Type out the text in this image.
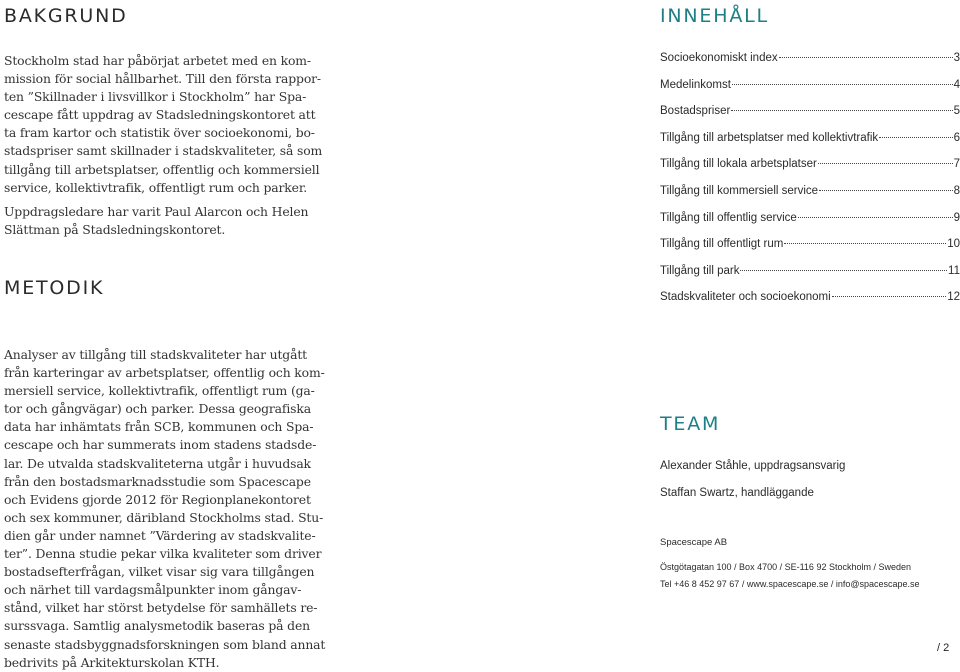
BAKGRUND
Stockholm stad har påbörjat arbetet med en kom-
mission för social hållbarhet. Till den första rappor-
ten ”Skillnader i livsvillkor i Stockholm” har Spa-
cescape fått uppdrag av Stadsledningskontoret att
ta fram kartor och statistik över socioekonomi, bo-
stadspriser samt skillnader i stadskvaliteter, så som
tillgång till arbetsplatser, offentlig och kommersiell
service, kollektivtrafik, offentligt rum och parker.
Uppdragsledare har varit Paul Alarcon och Helen
Slättman på Stadsledningskontoret.
METODIK
Analyser av tillgång till stadskvaliteter har utgått
från karteringar av arbetsplatser, offentlig och kom-
mersiell service, kollektivtrafik, offentligt rum (ga-
tor och gångvägar) och parker. Dessa geografiska
data har inhämtats från SCB, kommunen och Spa-
cescape och har summerats inom stadens stadsde-
lar. De utvalda stadskvaliteterna utgår i huvudsak
från den bostadsmarknadsstudie som Spacescape
och Evidens gjorde 2012 för Regionplanekontoret
och sex kommuner, däribland Stockholms stad. Stu-
dien går under namnet ”Värdering av stadskvalite-
ter”. Denna studie pekar vilka kvaliteter som driver
bostadsefterfrågan, vilket visar sig vara tillgången
och närhet till vardagsmålpunkter inom gångav-
stånd, vilket har störst betydelse för samhällets re-
surssvaga. Samtlig analysmetodik baseras på den
senaste stadsbyggnadsforskningen som bland annat
bedrivits på Arkitekturskolan KTH.
INNEHÅLL
Socioekonomiskt index	3
Medelinkomst	4
Bostadspriser	5
Tillgång till arbetsplatser med kollektivtrafik	6
Tillgång till lokala arbetsplatser	7
Tillgång till kommersiell service	8
Tillgång till offentlig service	9
Tillgång till offentligt rum	10
Tillgång till park	11
Stadskvaliteter och socioekonomi	12
TEAM

Alexander Ståhle, uppdragsansvarig

Staffan Swartz, handläggande

Spacescape AB

Östgötagatan 100 / Box 4700 / SE-116 92 Stockholm / Sweden

Tel +46 8 452 97 67 / www.spacescape.se / info@spacescape.se

/ 2
